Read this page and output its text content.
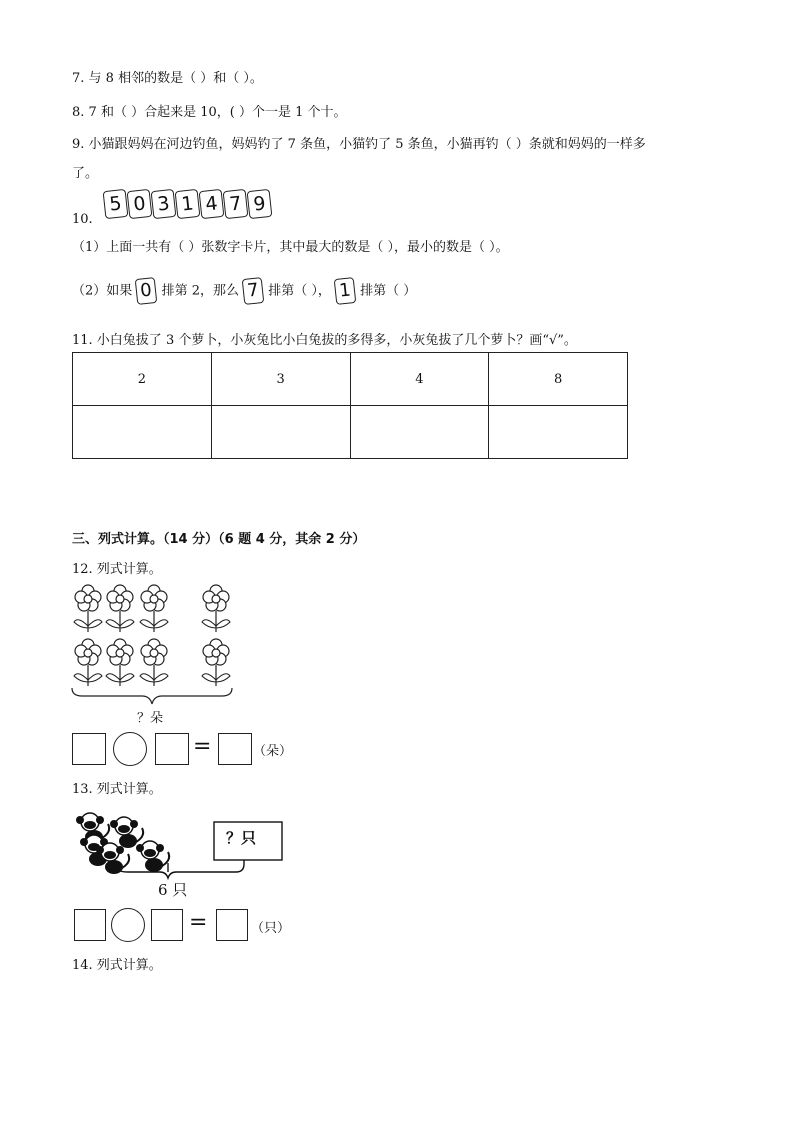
7. 与 8 相邻的数是（ ）和（ ）。
8. 7 和（ ）合起来是 10，( ）个一是 1 个十。
9. 小猫跟妈妈在河边钓鱼，妈妈钓了 7 条鱼，小猫钓了 5 条鱼，小猫再钓（ ）条就和妈妈的一样多
了。
10.
5 0 3 1 4 7 9
（1）上面一共有（ ）张数字卡片，其中最大的数是（ ），最小的数是（ ）。
（2）如果 0 排第 2，那么 7 排第（ ）， 1 排第（ ）
11. 小白兔拔了 3 个萝卜，小灰兔比小白兔拔的多得多，小灰兔拔了几个萝卜？画“√”。
2	3	4	8

三、列式计算。（14 分）（6 题 4 分，其余 2 分）
12. 列式计算。
？朵
=	（朵）
13. 列式计算。
？只
6 只
=	（只）
14. 列式计算。
